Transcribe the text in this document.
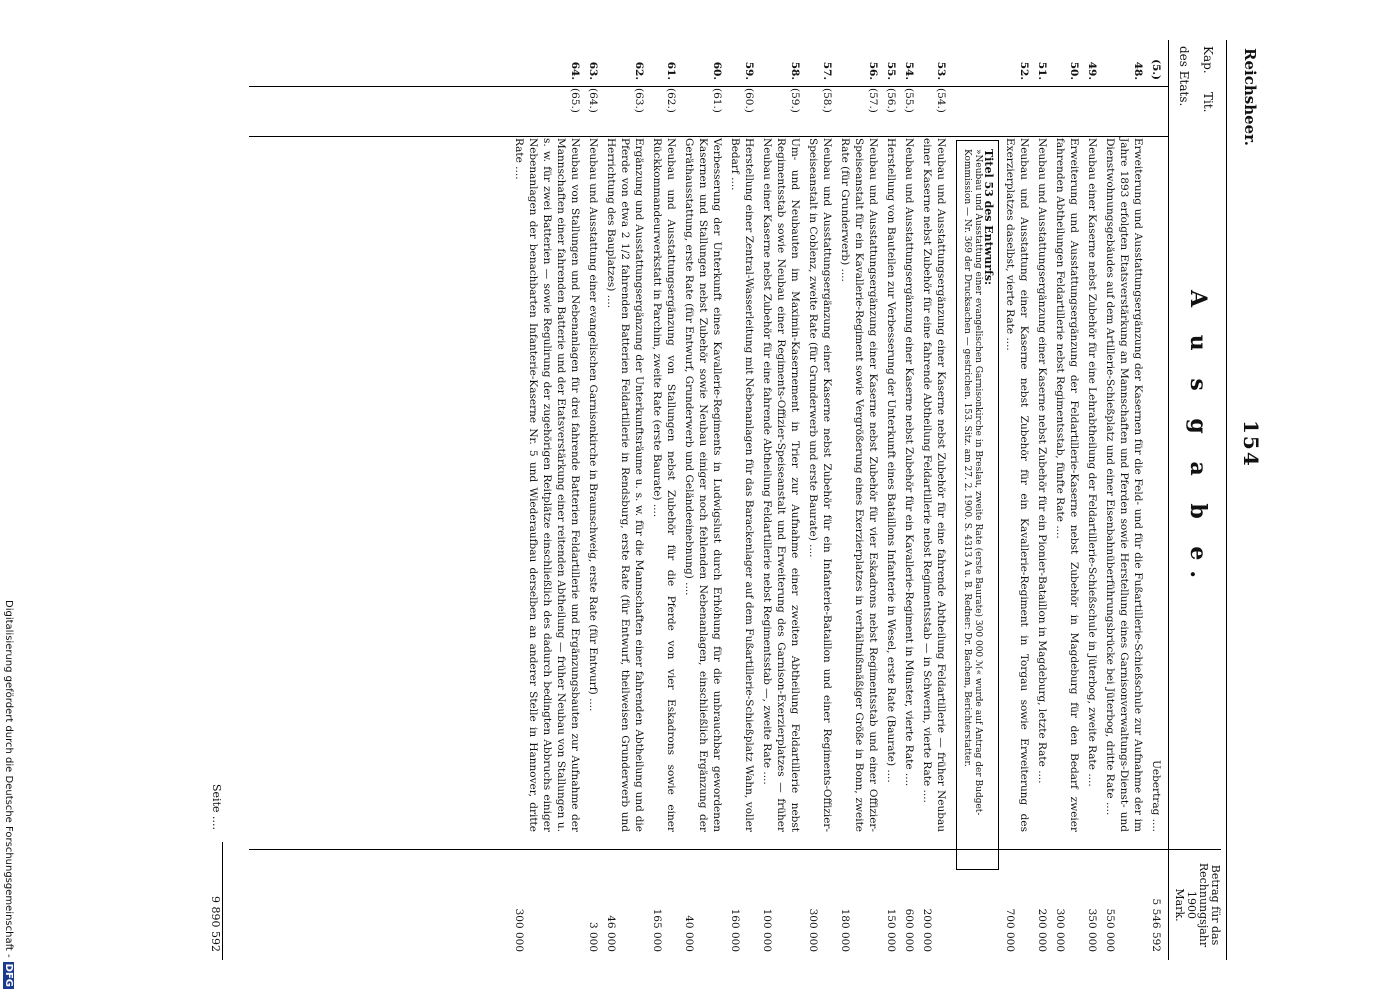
Reichsheer.
154
Kap.
Tit.
des Etats.
A u s g a b e.
Betrag für das Rechnungsjahr 1900
Mark.
(5.)
Uebertrag ....
5 546 592
48.
Erweiterung und Ausstattungsergänzung der Kasernen für die Feld- und für die Fußartillerie-Schießschule zur Aufnahme der im Jahre 1893 erfolgten Etatsverstärkung an Mannschaften und Pferden sowie Herstellung eines Garnisonverwaltungs-Dienst- und Dienstwohnungsgebäudes auf dem Artillerie-Schießplatz und einer Eisenbahnüberführungsbrücke bei Jüterbog, dritte Rate ....
550 000
49.
Neubau einer Kaserne nebst Zubehör für eine Lehrabtheilung der Feldartillerie-Schießschule in Jüterbog, zweite Rate ....
350 000
50.
Erweiterung und Ausstattungsergänzung der Feldartillerie-Kaserne nebst Zubehör in Magdeburg für den Bedarf zweier fahrenden Abtheilungen Feldartillerie nebst Regimentsstab, fünfte Rate ....
300 000
51.
Neubau und Ausstattungsergänzung einer Kaserne nebst Zubehör für ein Pionier-Bataillon in Magdeburg, letzte Rate ....
200 000
52.
Neubau und Ausstattung einer Kaserne nebst Zubehör für ein Kavallerie-Regiment in Torgau sowie Erweiterung des Exerzierplatzes daselbst, vierte Rate ....
700 000
Titel 53 des Entwurfs:
»Neubau und Ausstattung einer evangelischen Garnisonkirche in Breslau, zweite Rate (erste Baurate) 300 000 ℳ« wurde auf Antrag der Budget-Kommission — Nr. 369 der Drucksachen — gestrichen. 153. Sitz. am 27. 2. 1900. S. 4313 A u. B. Redner: Dr. Bachem, Berichterstatter.
53.
(54.)
Neubau und Ausstattungsergänzung einer Kaserne nebst Zubehör für eine fahrende Abtheilung Feldartillerie — früher Neubau einer Kaserne nebst Zubehör für eine fahrende Abtheilung Feldartillerie nebst Regimentsstab — in Schwerin, vierte Rate ....
200 000
54.
(55.)
Neubau und Ausstattungsergänzung einer Kaserne nebst Zubehör für ein Kavallerie-Regiment in Münster, vierte Rate ....
600 000
55.
(56.)
Herstellung von Bauteilen zur Verbesserung der Unterkunft eines Bataillons Infanterie in Wesel, erste Rate (Baurate) ....
150 000
56.
(57.)
Neubau und Ausstattungsergänzung einer Kaserne nebst Zubehör für vier Eskadrons nebst Regimentsstab und einer Offizier-Speiseanstalt für ein Kavallerie-Regiment sowie Vergrößerung eines Exerzierplatzes in verhältnißmäßiger Größe in Bonn, zweite Rate (für Grunderwerb) ....
180 000
57.
(58.)
Neubau und Ausstattungsergänzung einer Kaserne nebst Zubehör für ein Infanterie-Bataillon und einer Regiments-Offizier-Speiseanstalt in Coblenz, zweite Rate (für Grunderwerb und erste Baurate) ....
300 000
58.
(59.)
Um- und Neubauten im Maximin-Kasernement in Trier zur Aufnahme einer zweiten Abtheilung Feldartillerie nebst Regimentsstab sowie Neubau einer Regiments-Offizier-Speiseanstalt und Erweiterung des Garnison-Exerzierplatzes — früher Neubau einer Kaserne nebst Zubehör für eine fahrende Abtheilung Feldartillerie nebst Regimentsstab —, zweite Rate ....
100 000
59.
(60.)
Herstellung einer Zentral-Wasserleitung mit Nebenanlagen für das Barackenlager auf dem Fußartillerie-Schießplatz Wahn, voller Bedarf ....
160 000
60.
(61.)
Verbesserung der Unterkunft eines Kavallerie-Regiments in Ludwigslust durch Erhöhung für die unbrauchbar gewordenen Kasernen und Stallungen nebst Zubehör sowie Neubau einiger noch fehlenden Nebenanlagen, einschließlich Ergänzung der Geräthausstattung, erste Rate (für Entwurf, Grunderwerb und Geländeeinebnung) ....
40 000
61.
(62.)
Neubau und Ausstattungsergänzung von Stallungen nebst Zubehör für die Pferde von vier Eskadrons sowie einer Rückkommandeurwerkstatt in Parchim, zweite Rate (erste Baurate) ....
165 000
62.
(63.)
Ergänzung und Ausstattungsergänzung der Unterkunftsräume u. s. w. für die Mannschaften einer fahrenden Abtheilung und die Pferde von etwa 2 1/2 fahrenden Batterien Feldartillerie in Rendsburg, erste Rate (für Entwurf, theilweisen Grunderwerb und Herrichtung des Bauplatzes) ....
46 000
63.
(64.)
Neubau und Ausstattung einer evangelischen Garnisonkirche in Braunschweig, erste Rate (für Entwurf) ....
3 000
64.
(65.)
Neubau von Stallungen und Nebenanlagen für drei fahrende Batterien Feldartillerie und Ergänzungsbauten zur Aufnahme der Mannschaften einer fahrenden Batterie und der Etatsverstärkung einer reitenden Abtheilung — früher Neubau von Stallungen u. s. w. für zwei Batterien — sowie Regulirung der zugehörigen Reitplätze einschließlich des dadurch bedingten Abbruchs einiger Nebenanlagen der benachbarten Infanterie-Kaserne Nr. 5 und Wiederaufbau derselben an anderer Stelle in Hannover, dritte Rate ....
300 000
Seite ....
9 890 592
Digitalisierung gefördert durch die Deutsche Forschungsgemeinschaft -DFG
